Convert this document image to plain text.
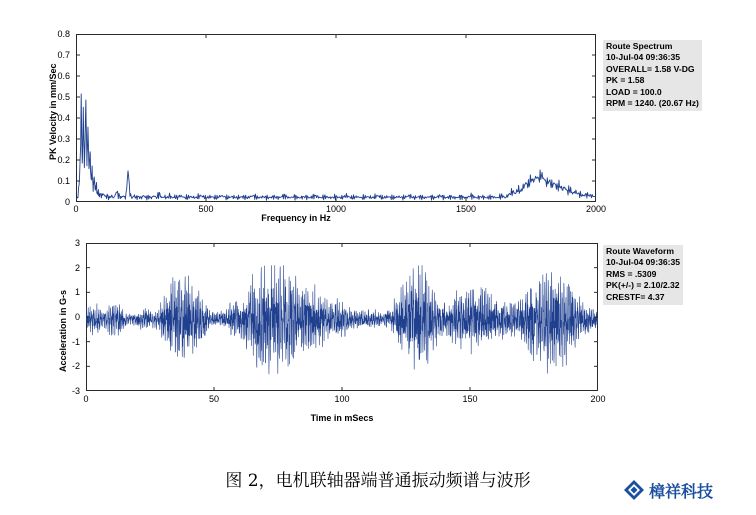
0
0.1
0.2
0.3
0.4
0.5
0.6
0.7
0.8
0	500	1000	1500	2000
Frequency in Hz
PK Velocity in mm/Sec
Route Spectrum
10-Jul-04 09:36:35
OVERALL= 1.58 V-DG
PK = 1.58
LOAD = 100.0
RPM = 1240. (20.67 Hz)
-3
-2
-1
0
1
2
3
0	50	100	150	200
Time in mSecs
Acceleration in G-s
Route Waveform
10-Jul-04 09:36:35
RMS = .5309
PK(+/-) = 2.10/2.32
CRESTF= 4.37
图 2，电机联轴器端普通振动频谱与波形	樟祥科技
